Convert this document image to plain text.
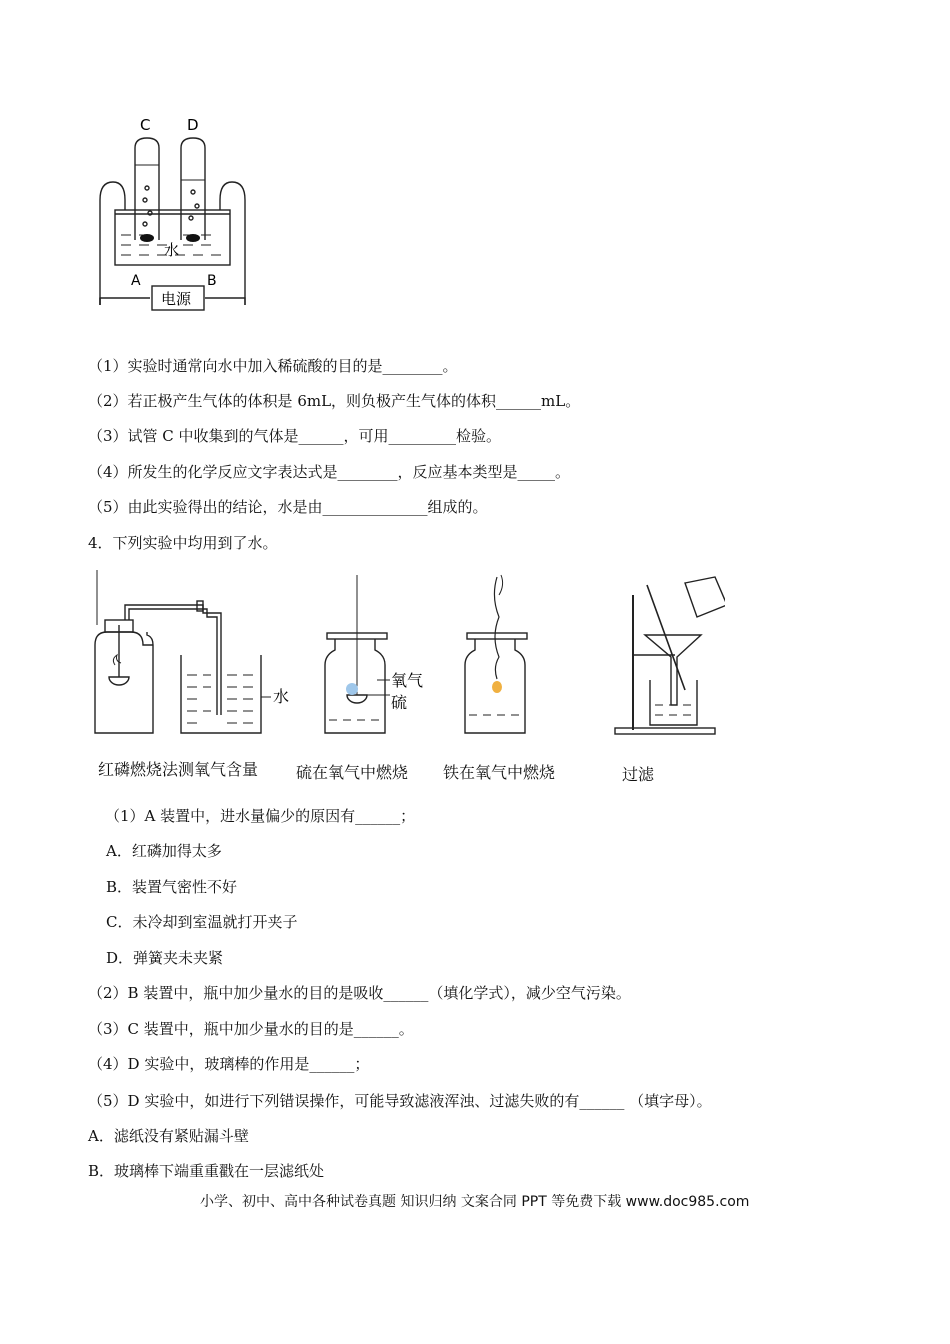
C D
水
A	B
电源
（1）实验时通常向水中加入稀硫酸的目的是________。
（2）若正极产生气体的体积是 6mL，则负极产生气体的体积______mL。
（3）试管 C 中收集到的气体是______，可用_________检验。
（4）所发生的化学反应文字表达式是________，反应基本类型是_____。
（5）由此实验得出的结论，水是由______________组成的。
4．下列实验中均用到了水。
水
氧气
硫
红磷燃烧法测氧气含量 硫在氧气中燃烧 铁在氧气中燃烧	过滤
（1）A 装置中，进水量偏少的原因有______；
A．红磷加得太多
B．装置气密性不好
C．未冷却到室温就打开夹子
D．弹簧夹未夹紧
（2）B 装置中，瓶中加少量水的目的是吸收______（填化学式），减少空气污染。
（3）C 装置中，瓶中加少量水的目的是______。
（4）D 实验中，玻璃棒的作用是______；
（5）D 实验中，如进行下列错误操作，可能导致滤液浑浊、过滤失败的有______ （填字母）。
A．滤纸没有紧贴漏斗壁
B．玻璃棒下端重重戳在一层滤纸处
小学、初中、高中各种试卷真题 知识归纳 文案合同 PPT 等免费下载 www.doc985.com
